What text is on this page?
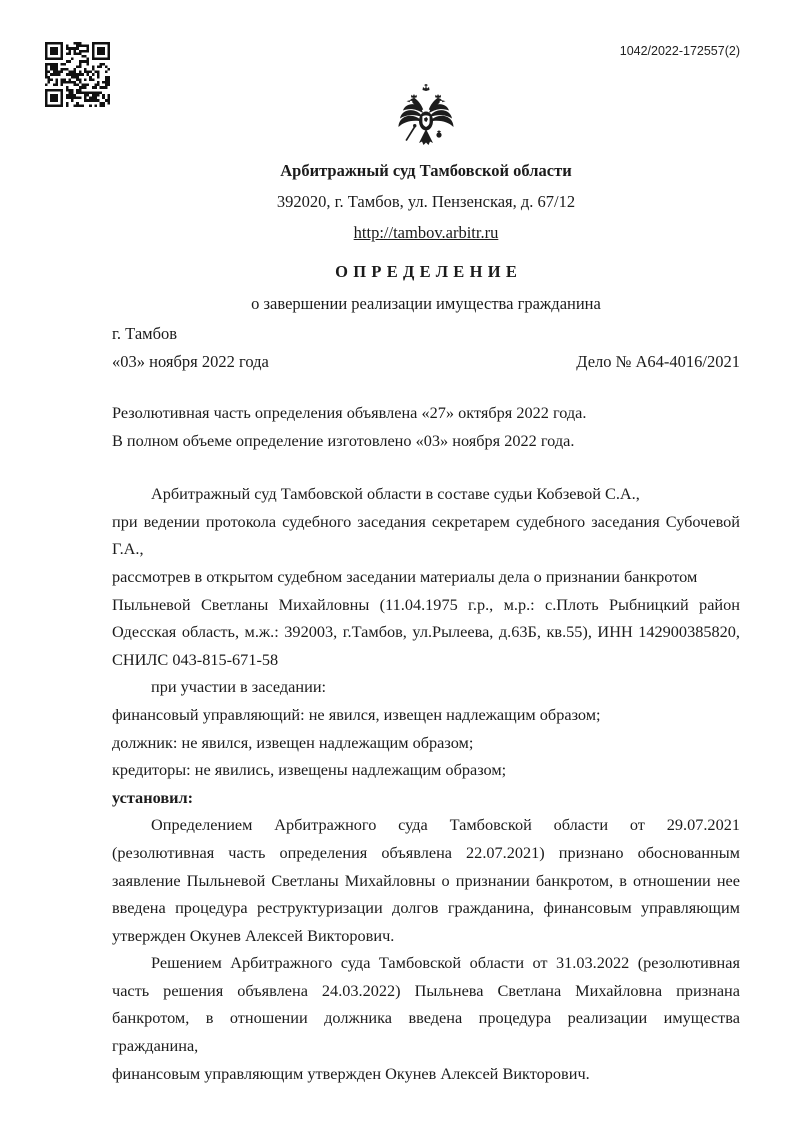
1042/2022-172557(2)
Арбитражный суд Тамбовской области
392020, г. Тамбов, ул. Пензенская, д. 67/12
http://tambov.arbitr.ru
ОПРЕДЕЛЕНИЕ
о завершении реализации имущества гражданина
г. Тамбов
«03» ноября 2022 года	Дело № А64-4016/2021
Резолютивная часть определения объявлена «27» октября 2022 года.
В полном объеме определение изготовлено «03» ноября 2022 года.
Арбитражный суд Тамбовской области в составе судьи Кобзевой С.А.,
при ведении протокола судебного заседания секретарем судебного заседания Субочевой
Г.А.,
рассмотрев в открытом судебном заседании материалы дела о признании банкротом
Пыльневой Светланы Михайловны (11.04.1975 г.р., м.р.: с.Плоть Рыбницкий район
Одесская область, м.ж.: 392003, г.Тамбов, ул.Рылеева, д.63Б, кв.55), ИНН 142900385820,
СНИЛС 043-815-671-58
при участии в заседании:
финансовый управляющий: не явился, извещен надлежащим образом;
должник: не явился, извещен надлежащим образом;
кредиторы: не явились, извещены надлежащим образом;
установил:
Определением Арбитражного суда Тамбовской области от 29.07.2021
(резолютивная часть определения объявлена 22.07.2021) признано обоснованным
заявление Пыльневой Светланы Михайловны о признании банкротом, в отношении нее
введена процедура реструктуризации долгов гражданина, финансовым управляющим
утвержден Окунев Алексей Викторович.
Решением Арбитражного суда Тамбовской области от 31.03.2022 (резолютивная
часть решения объявлена 24.03.2022) Пыльнева Светлана Михайловна признана
банкротом, в отношении должника введена процедура реализации имущества гражданина,
финансовым управляющим утвержден Окунев Алексей Викторович.
